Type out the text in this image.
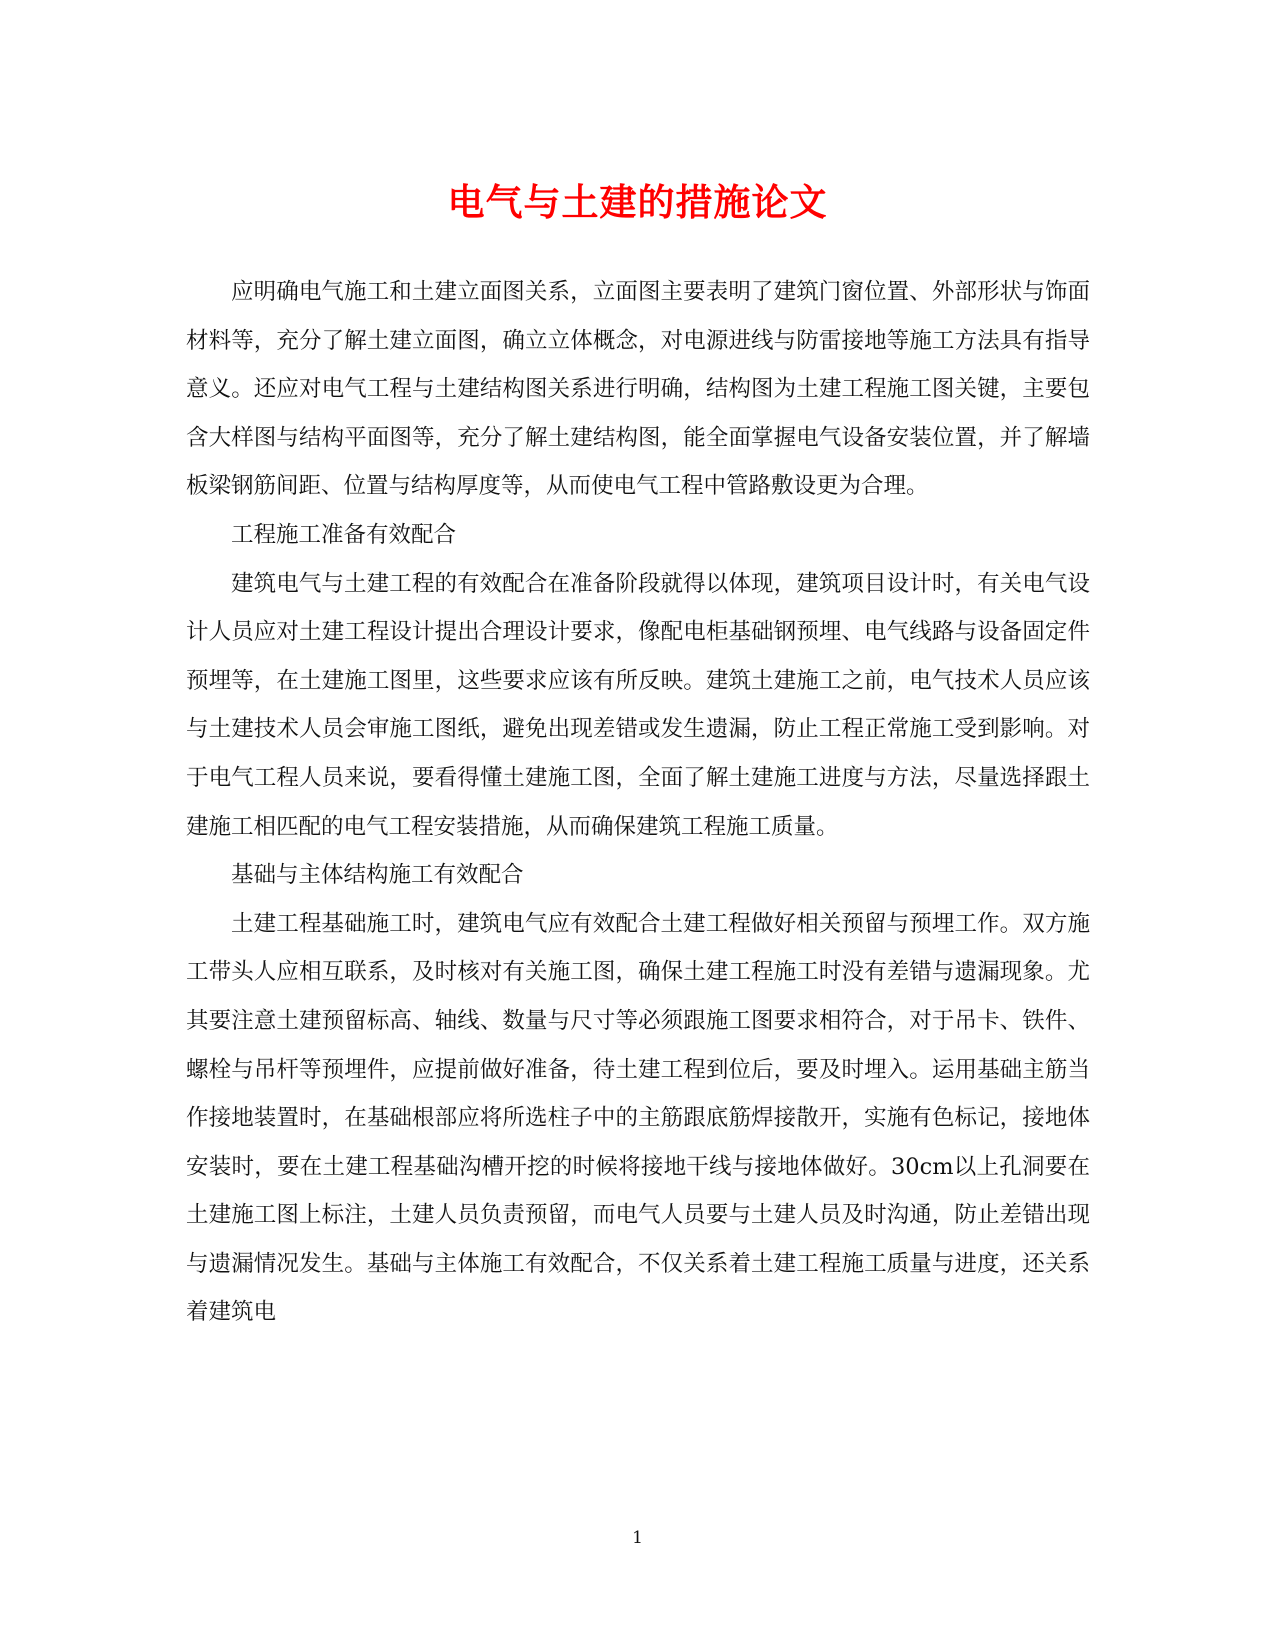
电气与土建的措施论文

应明确电气施工和土建立面图关系，立面图主要表明了建筑门窗位置、外部形状与饰面材料等，充分了解土建立面图，确立立体概念，对电源进线与防雷接地等施工方法具有指导意义。还应对电气工程与土建结构图关系进行明确，结构图为土建工程施工图关键，主要包含大样图与结构平面图等，充分了解土建结构图，能全面掌握电气设备安装位置，并了解墙板梁钢筋间距、位置与结构厚度等，从而使电气工程中管路敷设更为合理。

工程施工准备有效配合

建筑电气与土建工程的有效配合在准备阶段就得以体现，建筑项目设计时，有关电气设计人员应对土建工程设计提出合理设计要求，像配电柜基础钢预埋、电气线路与设备固定件预埋等，在土建施工图里，这些要求应该有所反映。建筑土建施工之前，电气技术人员应该与土建技术人员会审施工图纸，避免出现差错或发生遗漏，防止工程正常施工受到影响。对于电气工程人员来说，要看得懂土建施工图，全面了解土建施工进度与方法，尽量选择跟土建施工相匹配的电气工程安装措施，从而确保建筑工程施工质量。

基础与主体结构施工有效配合

土建工程基础施工时，建筑电气应有效配合土建工程做好相关预留与预埋工作。双方施工带头人应相互联系，及时核对有关施工图，确保土建工程施工时没有差错与遗漏现象。尤其要注意土建预留标高、轴线、数量与尺寸等必须跟施工图要求相符合，对于吊卡、铁件、螺栓与吊杆等预埋件，应提前做好准备，待土建工程到位后，要及时埋入。运用基础主筋当作接地装置时，在基础根部应将所选柱子中的主筋跟底筋焊接散开，实施有色标记，接地体安装时，要在土建工程基础沟槽开挖的时候将接地干线与接地体做好。30cm以上孔洞要在土建施工图上标注，土建人员负责预留，而电气人员要与土建人员及时沟通，防止差错出现与遗漏情况发生。基础与主体施工有效配合，不仅关系着土建工程施工质量与进度，还关系着建筑电

1
